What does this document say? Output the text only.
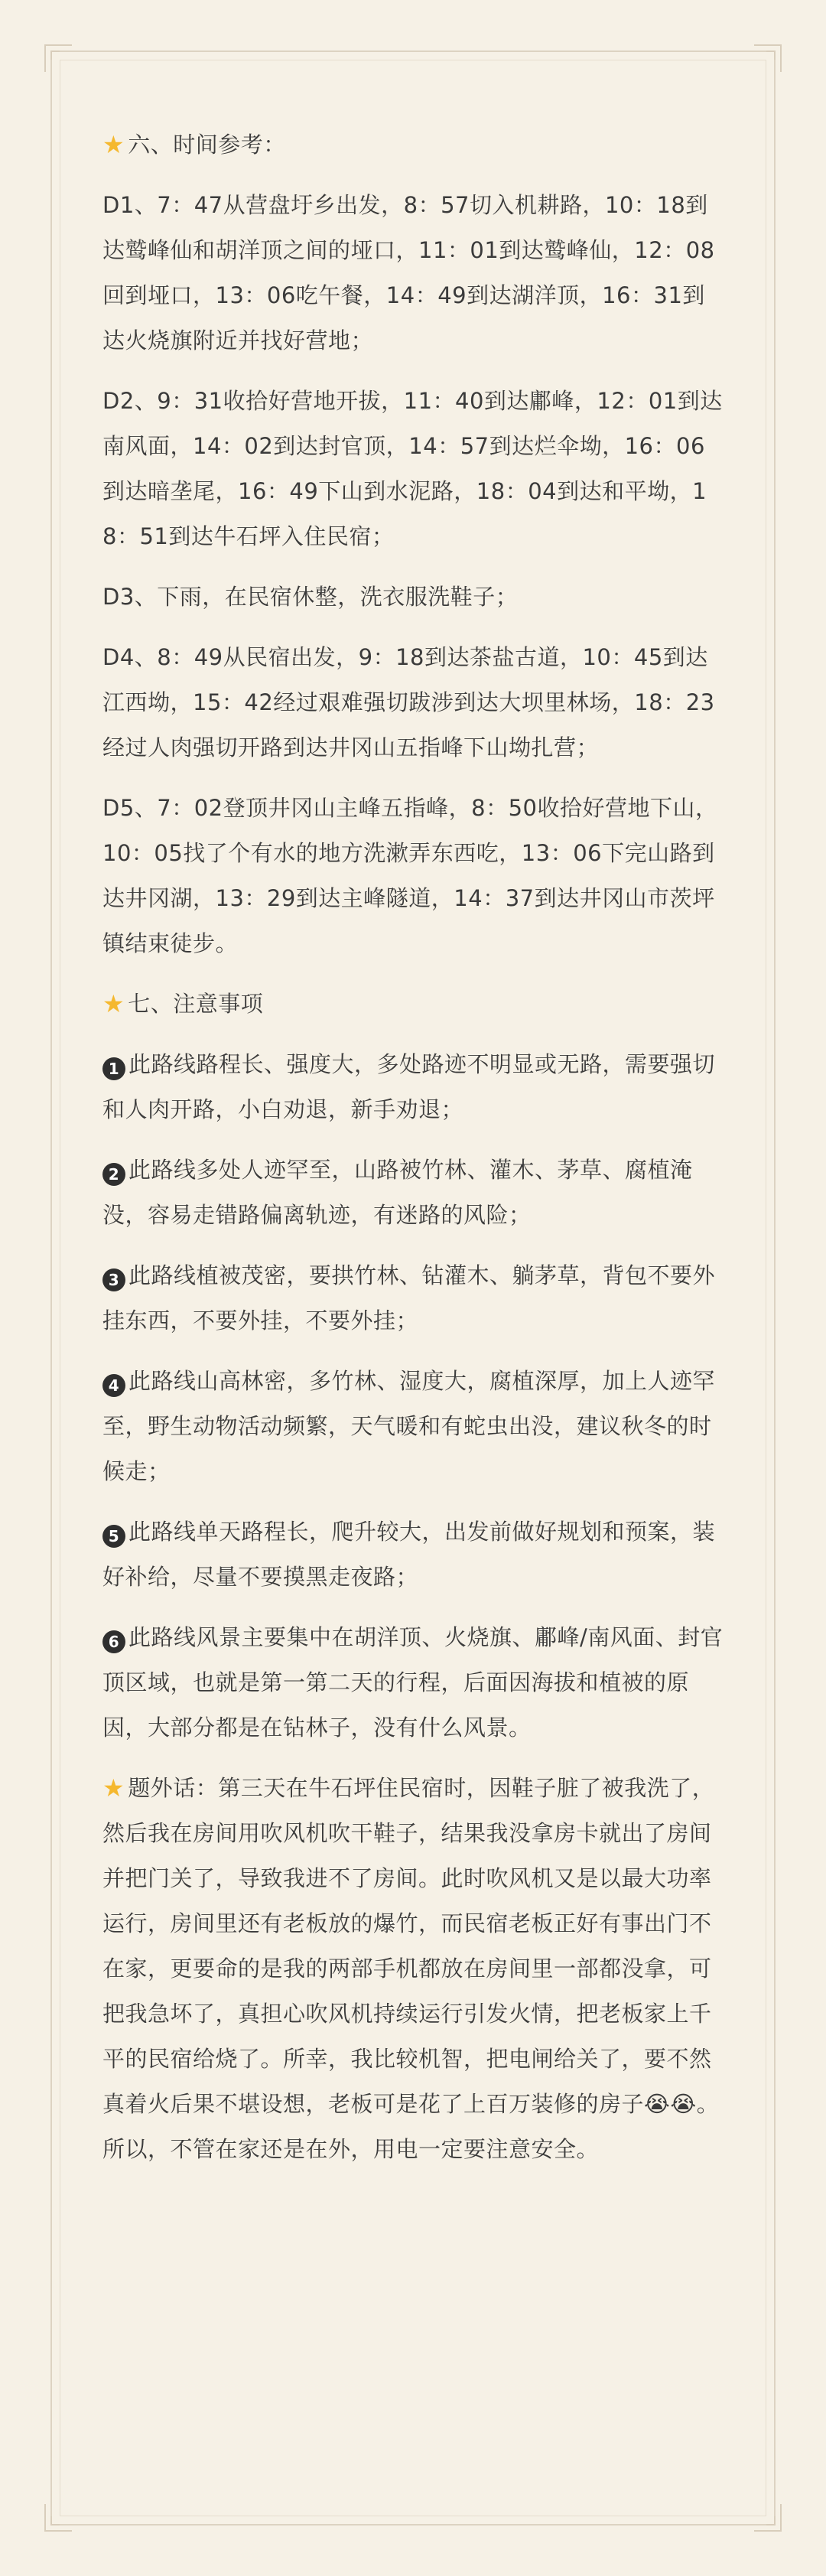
★ 六、时间参考：

D1、7：47从营盘圩乡出发，8：57切入机耕路，10：18到达鹫峰仙和胡洋顶之间的垭口，11：01到达鹫峰仙，12：08回到垭口，13：06吃午餐，14：49到达湖洋顶，16：31到达火烧旗附近并找好营地；

D2、9：31收拾好营地开拔，11：40到达鄘峰，12：01到达南风面，14：02到达封官顶，14：57到达烂伞坳，16：06到达暗垄尾，16：49下山到水泥路，18：04到达和平坳，18：51到达牛石坪入住民宿；

D3、下雨，在民宿休整，洗衣服洗鞋子；

D4、8：49从民宿出发，9：18到达茶盐古道，10：45到达江西坳，15：42经过艰难强切跋涉到达大坝里林场，18：23经过人肉强切开路到达井冈山五指峰下山坳扎营；

D5、7：02登顶井冈山主峰五指峰，8：50收拾好营地下山，10：05找了个有水的地方洗漱弄东西吃，13：06下完山路到达井冈湖，13：29到达主峰隧道，14：37到达井冈山市茨坪镇结束徒步。

★ 七、注意事项

1 此路线路程长、强度大，多处路迹不明显或无路，需要强切和人肉开路，小白劝退，新手劝退；

2 此路线多处人迹罕至，山路被竹林、灌木、茅草、腐植淹没，容易走错路偏离轨迹，有迷路的风险；

3 此路线植被茂密，要拱竹林、钻灌木、躺茅草，背包不要外挂东西，不要外挂，不要外挂；

4 此路线山高林密，多竹林、湿度大，腐植深厚，加上人迹罕至，野生动物活动频繁，天气暖和有蛇虫出没，建议秋冬的时候走；

5 此路线单天路程长，爬升较大，出发前做好规划和预案，装好补给，尽量不要摸黑走夜路；

6 此路线风景主要集中在胡洋顶、火烧旗、鄘峰/南风面、封官顶区域，也就是第一第二天的行程，后面因海拔和植被的原因，大部分都是在钻林子，没有什么风景。

★ 题外话：第三天在牛石坪住民宿时，因鞋子脏了被我洗了，然后我在房间用吹风机吹干鞋子，结果我没拿房卡就出了房间并把门关了，导致我进不了房间。此时吹风机又是以最大功率运行，房间里还有老板放的爆竹，而民宿老板正好有事出门不在家，更要命的是我的两部手机都放在房间里一部都没拿，可把我急坏了，真担心吹风机持续运行引发火情，把老板家上千平的民宿给烧了。所幸，我比较机智，把电闸给关了，要不然真着火后果不堪设想，老板可是花了上百万装修的房子😭😭。所以，不管在家还是在外，用电一定要注意安全。
